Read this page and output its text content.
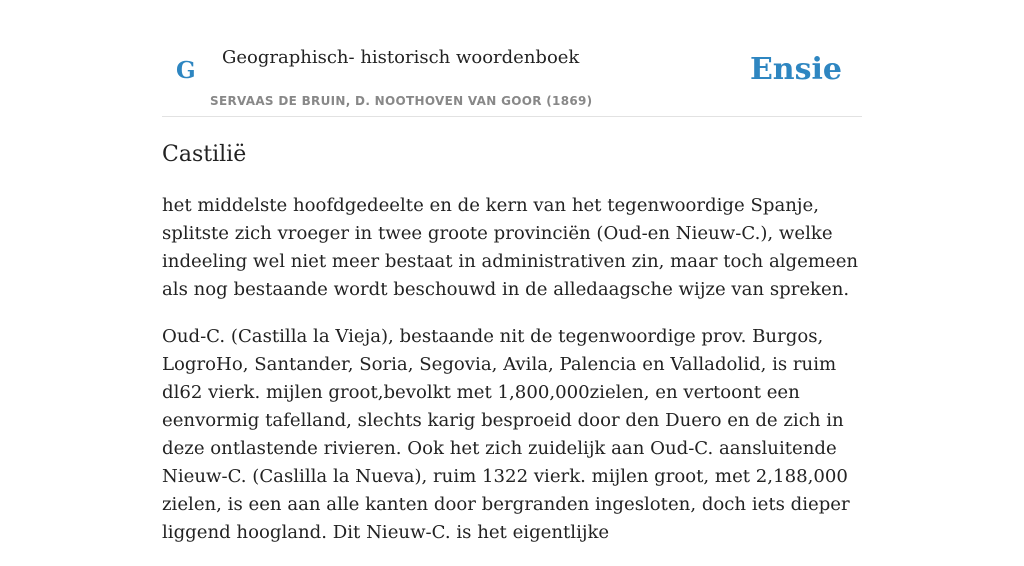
G Geographisch- historisch woordenboek
SERVAAS DE BRUIN, D. NOOTHOVEN VAN GOOR (1869)
Ensie
Castilië

het middelste hoofdgedeelte en de kern van het tegenwoordige Spanje, splitste zich vroeger in twee groote provinciën (Oud-en Nieuw-C.), welke indeeling wel niet meer bestaat in administrativen zin, maar toch algemeen als nog bestaande wordt beschouwd in de alledaagsche wijze van spreken.

Oud-C. (Castilla la Vieja), bestaande nit de tegenwoordige prov. Burgos, LogroHo, Santander, Soria, Segovia, Avila, Palencia en Valladolid, is ruim dl62 vierk. mijlen groot,bevolkt met 1,800,000zielen, en vertoont een eenvormig tafelland, slechts karig besproeid door den Duero en de zich in deze ontlastende rivieren. Ook het zich zuidelijk aan Oud-C. aansluitende Nieuw-C. (Caslilla la Nueva), ruim 1322 vierk. mijlen groot, met 2,188,000 zielen, is een aan alle kanten door bergranden ingesloten, doch iets dieper liggend hoogland. Dit Nieuw-C. is het eigentlijke
